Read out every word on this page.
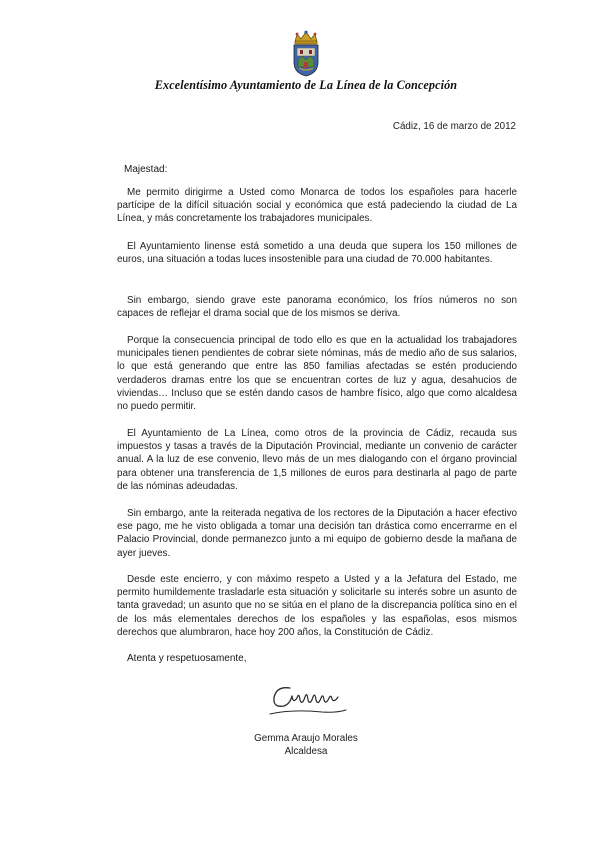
Excelentísimo Ayuntamiento de La Línea de la Concepción
Cádiz, 16 de marzo de 2012
Majestad:

Me permito dirigirme a Usted como Monarca de todos los españoles para hacerle partícipe de la difícil situación social y económica que está padeciendo la ciudad de La Línea, y más concretamente los trabajadores municipales.

El Ayuntamiento linense está sometido a una deuda que supera los 150 millones de euros, una situación a todas luces insostenible para una ciudad de 70.000 habitantes.

Sin embargo, siendo grave este panorama económico, los fríos números no son capaces de reflejar el drama social que de los mismos se deriva.

Porque la consecuencia principal de todo ello es que en la actualidad los trabajadores municipales tienen pendientes de cobrar siete nóminas, más de medio año de sus salarios, lo que está generando que entre las 850 familias afectadas se estén produciendo verdaderos dramas entre los que se encuentran cortes de luz y agua, desahucios de viviendas… Incluso que se estén dando casos de hambre físico, algo que como alcaldesa no puedo permitir.

El Ayuntamiento de La Línea, como otros de la provincia de Cádiz, recauda sus impuestos y tasas a través de la Diputación Provincial, mediante un convenio de carácter anual. A la luz de ese convenio, llevo más de un mes dialogando con el órgano provincial para obtener una transferencia de 1,5 millones de euros para destinarla al pago de parte de las nóminas adeudadas.

Sin embargo, ante la reiterada negativa de los rectores de la Diputación a hacer efectivo ese pago, me he visto obligada a tomar una decisión tan drástica como encerrarme en el Palacio Provincial, donde permanezco junto a mi equipo de gobierno desde la mañana de ayer jueves.

Desde este encierro, y con máximo respeto a Usted y a la Jefatura del Estado, me permito humildemente trasladarle esta situación y solicitarle su interés sobre un asunto de tanta gravedad; un asunto que no se sitúa en el plano de la discrepancia política sino en el de los más elementales derechos de los españoles y las españolas, esos mismos derechos que alumbraron, hace hoy 200 años, la Constitución de Cádiz.

Atenta y respetuosamente,
Gemma Araujo Morales
Alcaldesa
